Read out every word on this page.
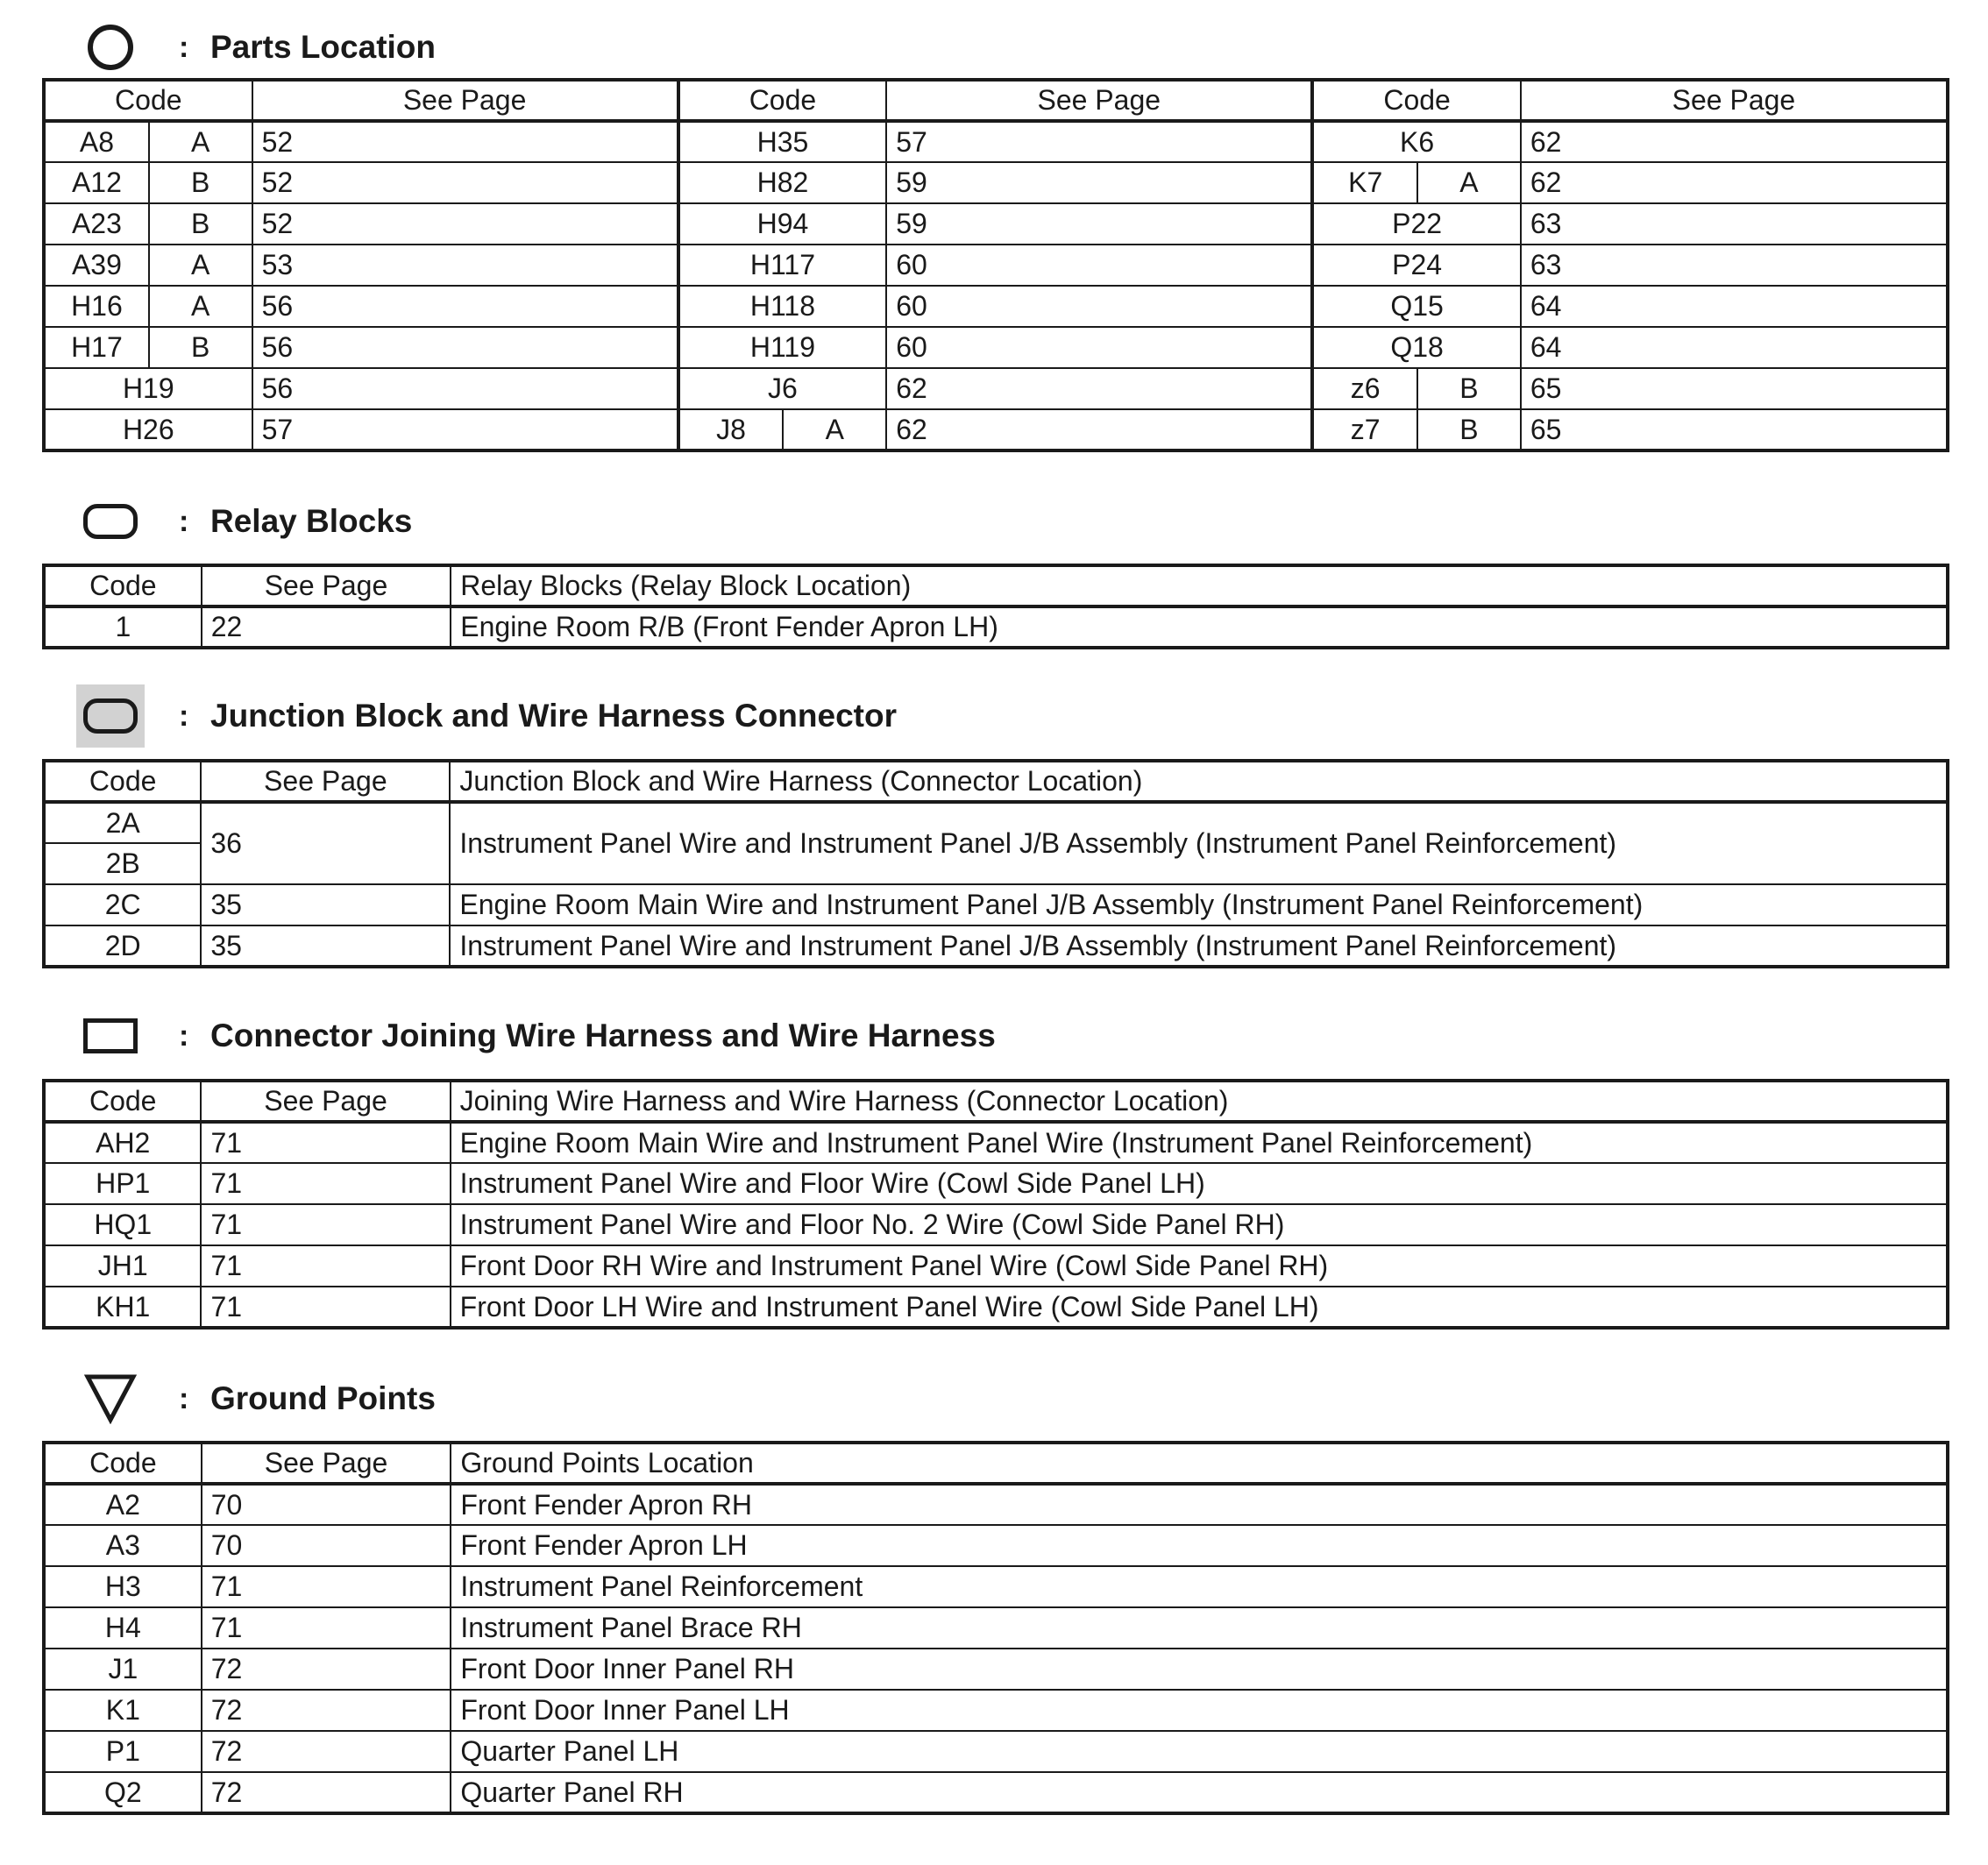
: Parts Location
Code		See Page	Code		See Page	Code		See Page
A8	A	52	H35		57	K6		62
A12	B	52	H82		59	K7	A	62
A23	B	52	H94		59	P22		63
A39	A	53	H117		60	P24		63
H16	A	56	H118		60	Q15		64
H17	B	56	H119		60	Q18		64
H19		56	J6		62	z6	B	65
H26		57	J8	A	62	z7	B	65
: Relay Blocks
Code	See Page	Relay Blocks (Relay Block Location)
1	22	Engine Room R/B (Front Fender Apron LH)
: Junction Block and Wire Harness Connector
Code	See Page	Junction Block and Wire Harness (Connector Location)
2A	36	Instrument Panel Wire and Instrument Panel J/B Assembly (Instrument Panel Reinforcement)
2B		
2C	35	Engine Room Main Wire and Instrument Panel J/B Assembly (Instrument Panel Reinforcement)
2D	35	Instrument Panel Wire and Instrument Panel J/B Assembly (Instrument Panel Reinforcement)
: Connector Joining Wire Harness and Wire Harness
Code	See Page	Joining Wire Harness and Wire Harness (Connector Location)
AH2	71	Engine Room Main Wire and Instrument Panel Wire (Instrument Panel Reinforcement)
HP1	71	Instrument Panel Wire and Floor Wire (Cowl Side Panel LH)
HQ1	71	Instrument Panel Wire and Floor No. 2 Wire (Cowl Side Panel RH)
JH1	71	Front Door RH Wire and Instrument Panel Wire (Cowl Side Panel RH)
KH1	71	Front Door LH Wire and Instrument Panel Wire (Cowl Side Panel LH)
: Ground Points
Code	See Page	Ground Points Location
A2	70	Front Fender Apron RH
A3	70	Front Fender Apron LH
H3	71	Instrument Panel Reinforcement
H4	71	Instrument Panel Brace RH
J1	72	Front Door Inner Panel RH
K1	72	Front Door Inner Panel LH
P1	72	Quarter Panel LH
Q2	72	Quarter Panel RH
